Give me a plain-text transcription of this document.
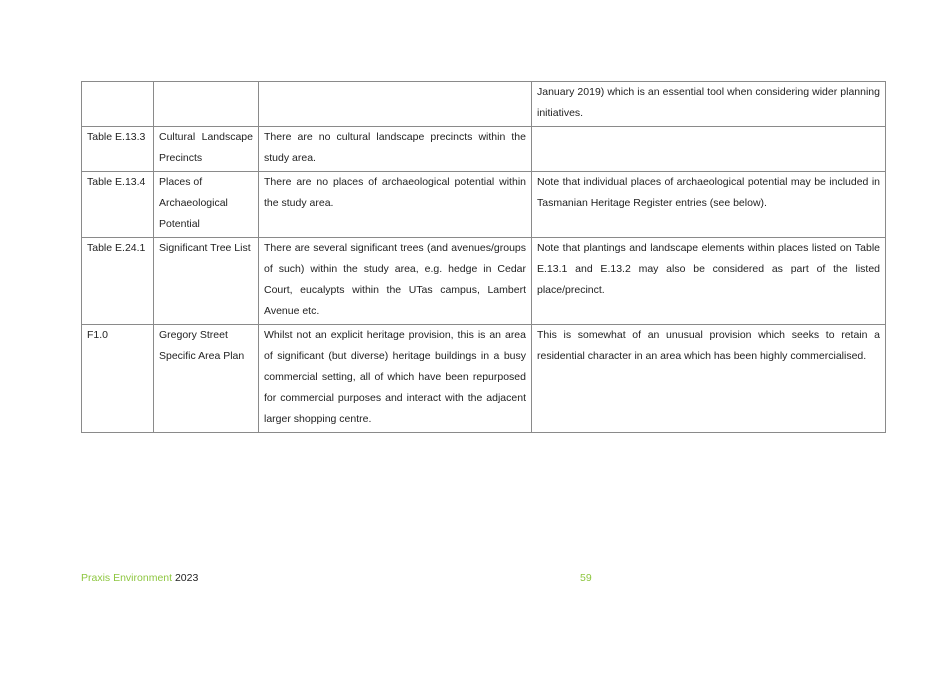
			January 2019) which is an essential tool when considering wider planning initiatives.
Table E.13.3	Cultural Landscape Precincts	There are no cultural landscape precincts within the study area.	
Table E.13.4	Places of Archaeological Potential	There are no places of archaeological potential within the study area.	Note that individual places of archaeological potential may be included in Tasmanian Heritage Register entries (see below).
Table E.24.1	Significant Tree List	There are several significant trees (and avenues/groups of such) within the study area, e.g. hedge in Cedar Court, eucalypts within the UTas campus, Lambert Avenue etc.	Note that plantings and landscape elements within places listed on Table E.13.1 and E.13.2 may also be considered as part of the listed place/precinct.
F1.0	Gregory Street Specific Area Plan	Whilst not an explicit heritage provision, this is an area of significant (but diverse) heritage buildings in a busy commercial setting, all of which have been repurposed for commercial purposes and interact with the adjacent larger shopping centre.	This is somewhat of an unusual provision which seeks to retain a residential character in an area which has been highly commercialised.
Praxis Environment 2023	59
